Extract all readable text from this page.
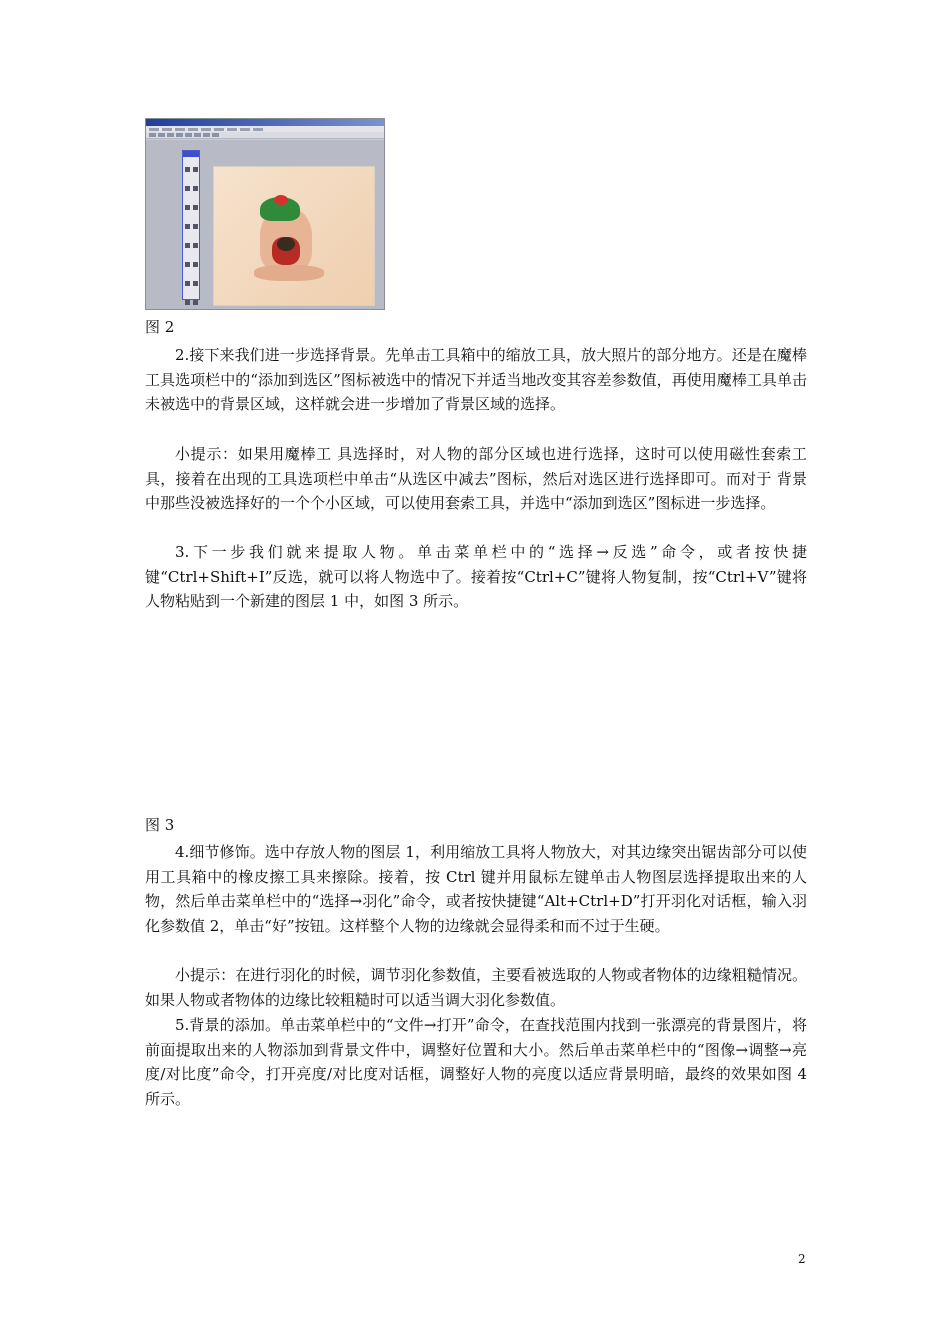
图 2
2.接下来我们进一步选择背景。先单击工具箱中的缩放工具，放大照片的部分地方。还是在魔棒工具选项栏中的“添加到选区”图标被选中的情况下并适当地改变其容差参数值，再使用魔棒工具单击未被选中的背景区域，这样就会进一步增加了背景区域的选择。
小提示：如果用魔棒工 具选择时，对人物的部分区域也进行选择，这时可以使用磁性套索工具，接着在出现的工具选项栏中单击“从选区中减去”图标，然后对选区进行选择即可。而对于 背景中那些没被选择好的一个个小区域，可以使用套索工具，并选中“添加到选区”图标进一步选择。
3.下一步我们就来提取人物。单击菜单栏中的“选择→反选”命令，或者按快捷键“Ctrl+Shift+I”反选，就可以将人物选中了。接着按“Ctrl+C”键将人物复制，按“Ctrl+V”键将人物粘贴到一个新建的图层 1 中，如图 3 所示。
图 3
4.细节修饰。选中存放人物的图层 1，利用缩放工具将人物放大，对其边缘突出锯齿部分可以使用工具箱中的橡皮擦工具来擦除。接着，按 Ctrl 键并用鼠标左键单击人物图层选择提取出来的人物，然后单击菜单栏中的“选择→羽化”命令，或者按快捷键“Alt+Ctrl+D”打开羽化对话框，输入羽化参数值 2，单击“好”按钮。这样整个人物的边缘就会显得柔和而不过于生硬。
小提示：在进行羽化的时候，调节羽化参数值，主要看被选取的人物或者物体的边缘粗糙情况。如果人物或者物体的边缘比较粗糙时可以适当调大羽化参数值。
5.背景的添加。单击菜单栏中的“文件→打开”命令，在查找范围内找到一张漂亮的背景图片，将前面提取出来的人物添加到背景文件中，调整好位置和大小。然后单击菜单栏中的“图像→调整→亮度/对比度”命令，打开亮度/对比度对话框，调整好人物的亮度以适应背景明暗，最终的效果如图 4 所示。
2
